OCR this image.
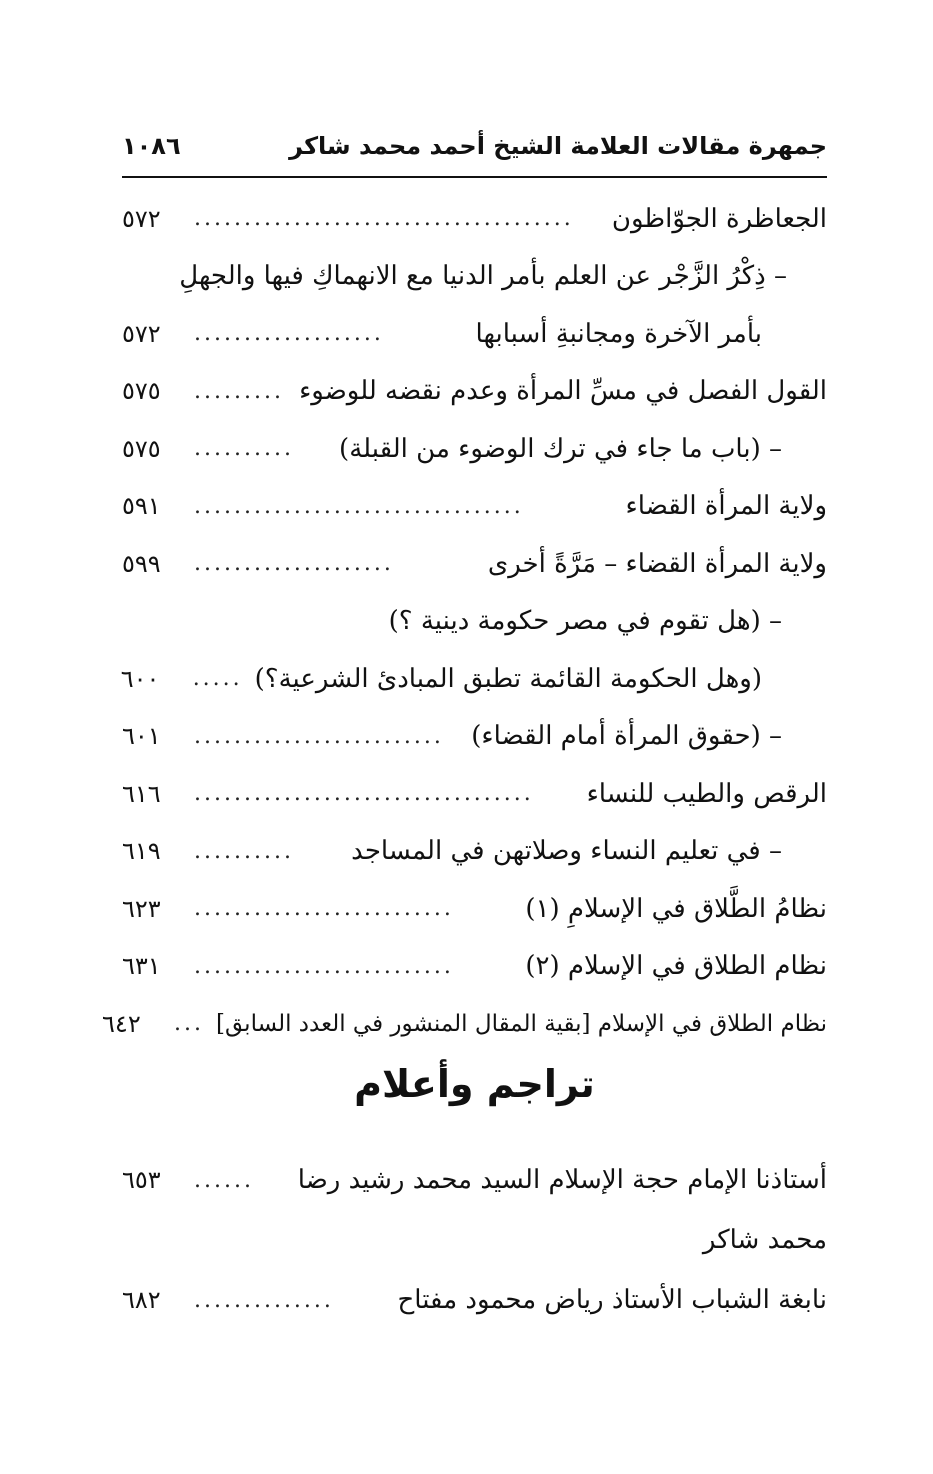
جمهرة مقالات العلامة الشيخ أحمد محمد شاكر
١٠٨٦
الجعاظرة الجوّاظون
......................................
٥٧٢
– ذِكْرُ الزَّجْر عن العلم بأمر الدنيا مع الانهماكِ فيها والجهلِ
بأمر الآخرة ومجانبةِ أسبابها
...................
٥٧٢
القول الفصل في مسِّ المرأة وعدم نقضه للوضوء
.........
٥٧٥
– (باب ما جاء في ترك الوضوء من القبلة)
..........
٥٧٥
ولاية المرأة القضاء
.................................
٥٩١
ولاية المرأة القضاء – مَرَّةً أخرى
....................
٥٩٩
– (هل تقوم في مصر حكومة دينية ؟)
(وهل الحكومة القائمة تطبق المبادئ الشرعية؟)
.....
٦٠٠
– (حقوق المرأة أمام القضاء)
.........................
٦٠١
الرقص والطيب للنساء
..................................
٦١٦
– في تعليم النساء وصلاتهن في المساجد
..........
٦١٩
نظامُ الطَّلاق في الإسلامِ (١)
..........................
٦٢٣
نظام الطلاق في الإسلام (٢)
..........................
٦٣١
نظام الطلاق في الإسلام [بقية المقال المنشور في العدد السابق]
...
٦٤٢
تراجم وأعلام
أستاذنا الإمام حجة الإسلام السيد محمد رشيد رضا
......
٦٥٣
محمد شاكر
نابغة الشباب الأستاذ رياض محمود مفتاح
..............
٦٨٢
